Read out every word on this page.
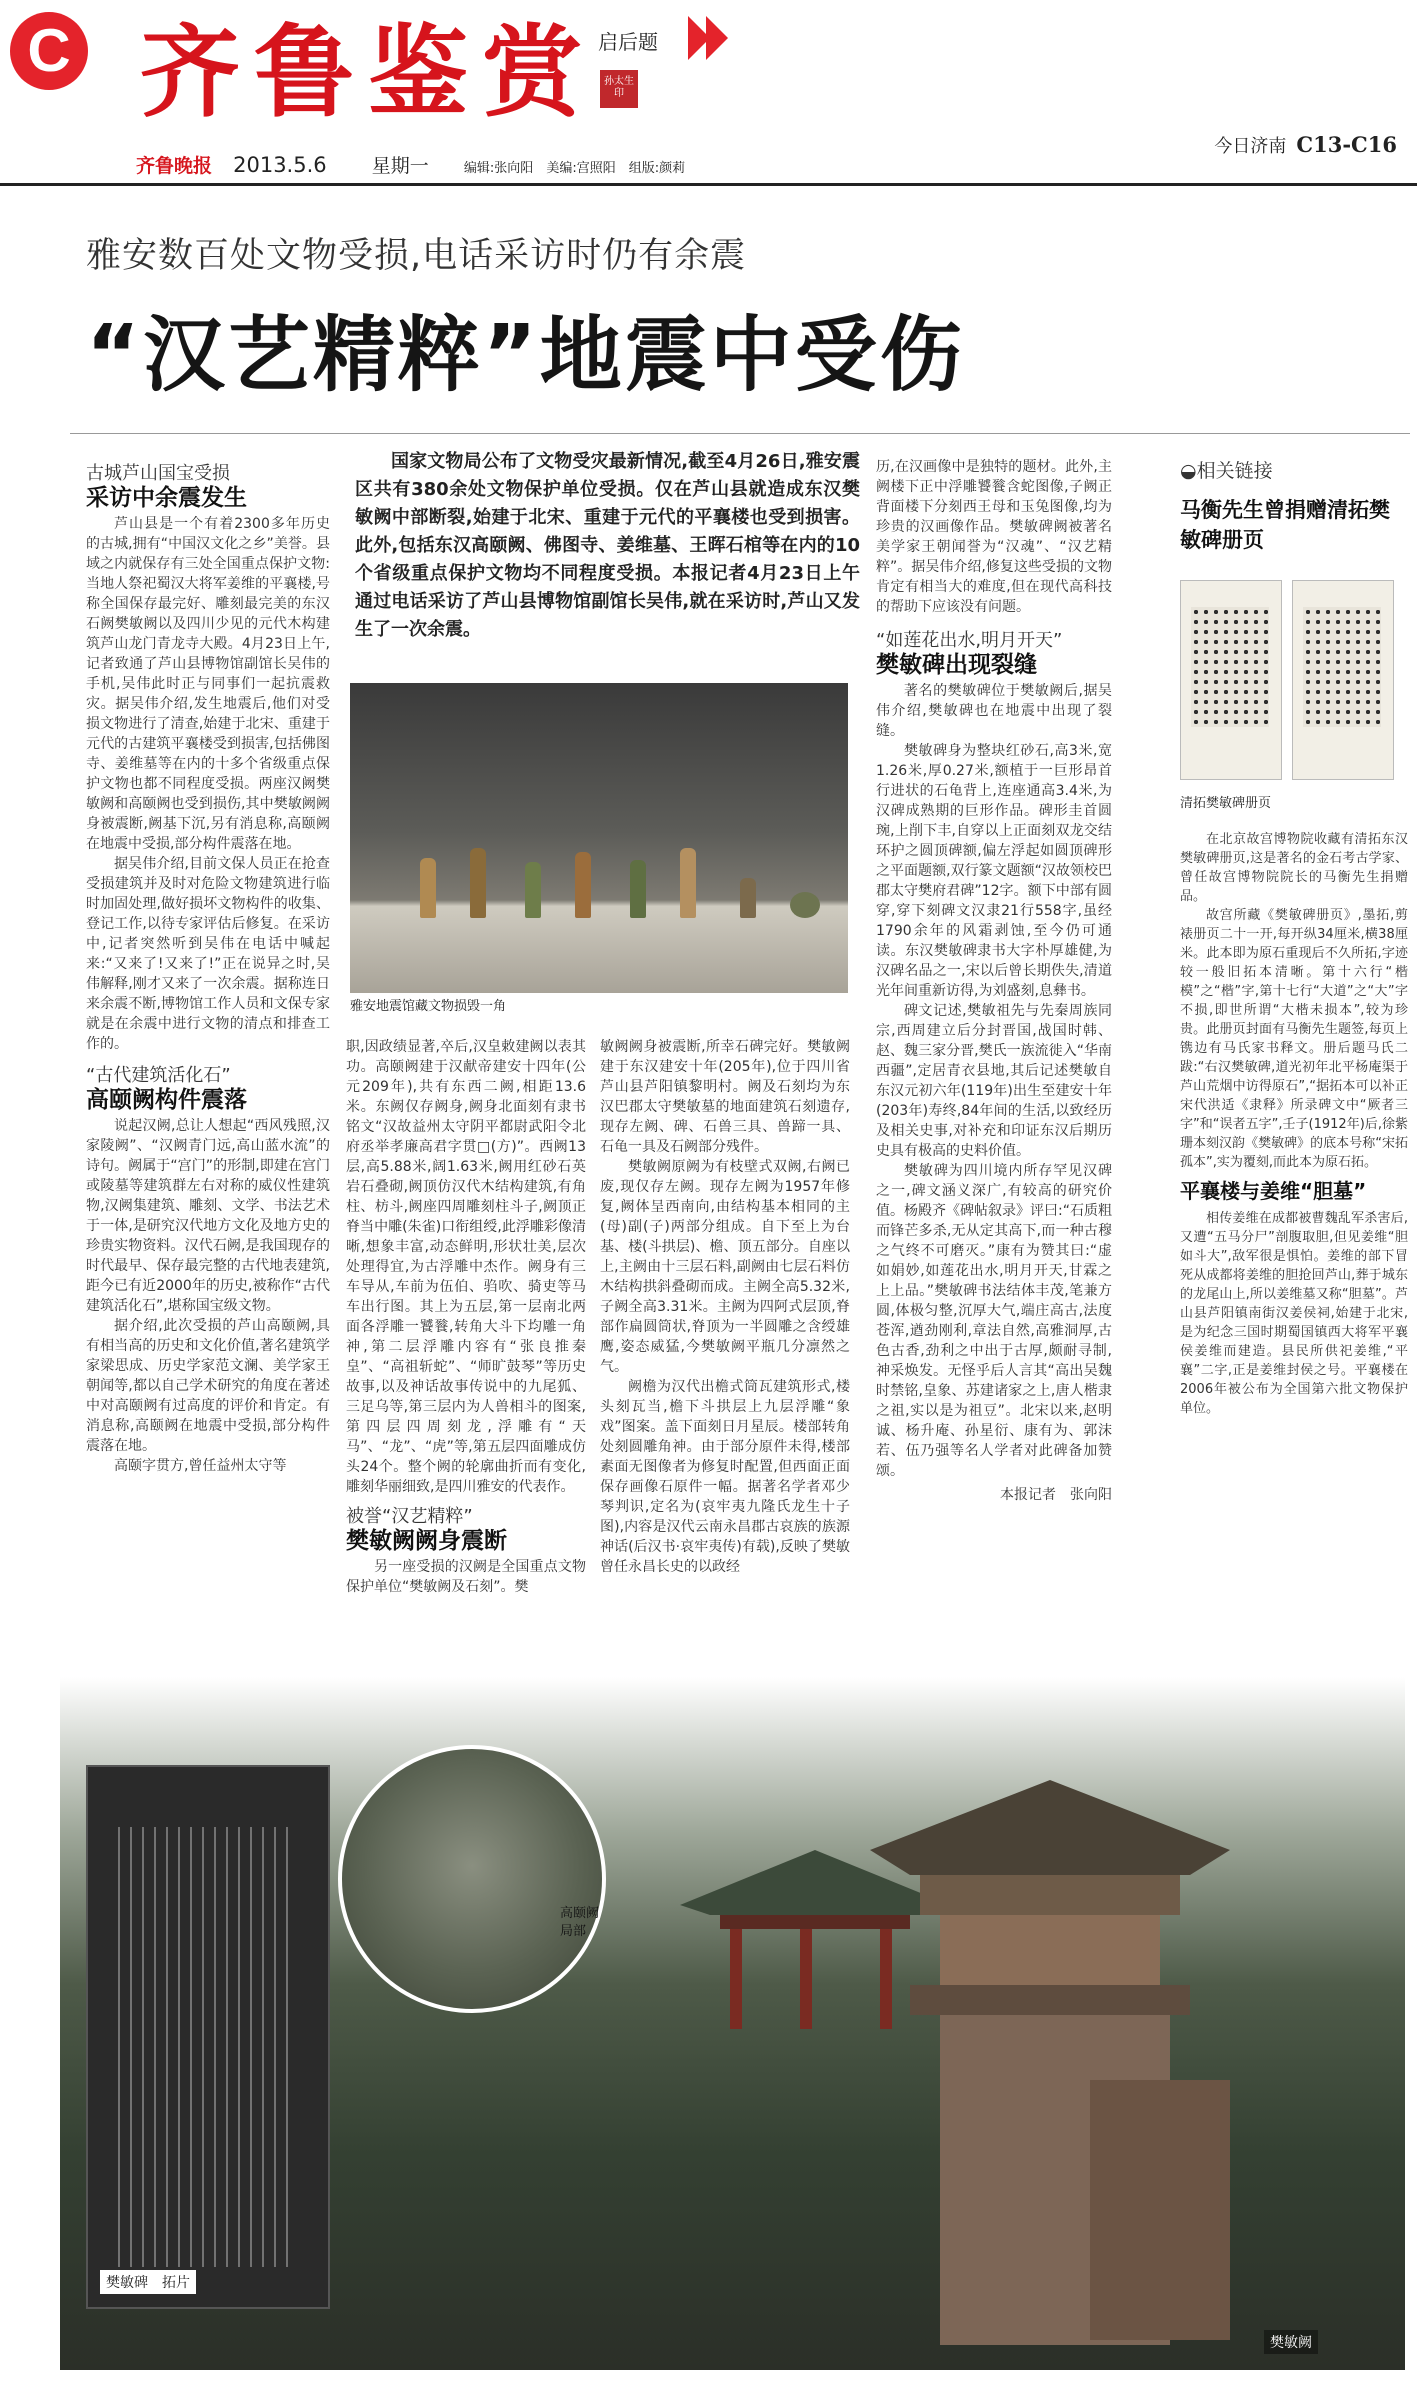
C 齐鲁鉴赏 启后题
孙太生印
齐鲁晚报 2013.5.6 星期一	编辑:张向阳 美编:宫照阳 组版:颜莉
今日济南 C13-C16
雅安数百处文物受损,电话采访时仍有余震
“汉艺精粹”地震中受伤
古城芦山国宝受损
采访中余震发生

芦山县是一个有着2300多年历史的古城,拥有“中国汉文化之乡”美誉。县域之内就保存有三处全国重点保护文物:当地人祭祀蜀汉大将军姜维的平襄楼,号称全国保存最完好、雕刻最完美的东汉石阙樊敏阙以及四川少见的元代木构建筑芦山龙门青龙寺大殿。4月23日上午,记者致通了芦山县博物馆副馆长吴伟的手机,吴伟此时正与同事们一起抗震救灾。据吴伟介绍,发生地震后,他们对受损文物进行了清查,始建于北宋、重建于元代的古建筑平襄楼受到损害,包括佛图寺、姜维墓等在内的十多个省级重点保护文物也都不同程度受损。两座汉阙樊敏阙和高颐阙也受到损伤,其中樊敏阙阙身被震断,阙基下沉,另有消息称,高颐阙在地震中受损,部分构件震落在地。

据吴伟介绍,目前文保人员正在抢查受损建筑并及时对危险文物建筑进行临时加固处理,做好损坏文物构件的收集、登记工作,以待专家评估后修复。在采访中,记者突然听到吴伟在电话中喊起来:“又来了!又来了!”正在说异之时,吴伟解释,刚才又来了一次余震。据称连日来余震不断,博物馆工作人员和文保专家就是在余震中进行文物的清点和排查工作的。

“古代建筑活化石”
高颐阙构件震落

说起汉阙,总让人想起“西风残照,汉家陵阙”、“汉阙青门远,高山蓝水流”的诗句。阙属于“宫门”的形制,即建在宫门或陵墓等建筑群左右对称的威仪性建筑物,汉阙集建筑、雕刻、文学、书法艺术于一体,是研究汉代地方文化及地方史的珍贵实物资料。汉代石阙,是我国现存的时代最早、保存最完整的古代地表建筑,距今已有近2000年的历史,被称作“古代建筑活化石”,堪称国宝级文物。

据介绍,此次受损的芦山高颐阙,具有相当高的历史和文化价值,著名建筑学家梁思成、历史学家范文澜、美学家王朝闻等,都以自己学术研究的角度在著述中对高颐阙有过高度的评价和肯定。有消息称,高颐阙在地震中受损,部分构件震落在地。

高颐字贯方,曾任益州太守等

国家文物局公布了文物受灾最新情况,截至4月26日,雅安震区共有380余处文物保护单位受损。仅在芦山县就造成东汉樊敏阙中部断裂,始建于北宋、重建于元代的平襄楼也受到损害。此外,包括东汉高颐阙、佛图寺、姜维墓、王晖石棺等在内的10个省级重点保护文物均不同程度受损。本报记者4月23日上午通过电话采访了芦山县博物馆副馆长吴伟,就在采访时,芦山又发生了一次余震。

雅安地震馆藏文物损毁一角

职,因政绩显著,卒后,汉皇敕建阙以表其功。高颐阙建于汉献帝建安十四年(公元209年),共有东西二阙,相距13.6米。东阙仅存阙身,阙身北面刻有隶书铭文“汉故益州太守阴平都尉武阳令北府丞举孝廉高君字贯□(方)”。西阙13层,高5.88米,阔1.63米,阙用红砂石英岩石叠砌,阙顶仿汉代木结构建筑,有角柱、枋斗,阙座四周雕刻柱斗子,阙顶正脊当中雕(朱雀)口衔组绶,此浮雕彩像清晰,想象丰富,动态鲜明,形状壮美,层次处理得宜,为古浮雕中杰作。阙身有三车导从,车前为伍伯、驺吹、骑吏等马车出行图。其上为五层,第一层南北两面各浮雕一饕餮,转角大斗下均雕一角神,第二层浮雕内容有“张良推秦皇”、“高祖斩蛇”、“师旷鼓琴”等历史故事,以及神话故事传说中的九尾狐、三足乌等,第三层内为人兽相斗的图案,第四层四周刻龙,浮雕有“天马”、“龙”、“虎”等,第五层四面雕成仿头24个。整个阙的轮廓曲折而有变化,雕刻华丽细致,是四川雅安的代表作。

被誉“汉艺精粹”
樊敏阙阙身震断

另一座受损的汉阙是全国重点文物保护单位“樊敏阙及石刻”。樊

敏阙阙身被震断,所幸石碑完好。樊敏阙建于东汉建安十年(205年),位于四川省芦山县芦阳镇黎明村。阙及石刻均为东汉巴郡太守樊敏墓的地面建筑石刻遗存,现存左阙、碑、石兽三具、兽蹄一具、石龟一具及石阙部分残件。

樊敏阙原阙为有枝壁式双阙,右阙已废,现仅存左阙。现存左阙为1957年修复,阙体呈西南向,由结构基本相同的主(母)副(子)两部分组成。自下至上为台基、楼(斗拱层)、檐、顶五部分。自座以上,主阙由十三层石料,副阙由七层石料仿木结构拱斜叠砌而成。主阙全高5.32米,子阙全高3.31米。主阙为四阿式层顶,脊部作扁圆筒状,脊顶为一半圆雕之含绶雄鹰,姿态威猛,今樊敏阙平瓶几分凛然之气。

阙檐为汉代出檐式筒瓦建筑形式,楼头刻瓦当,檐下斗拱层上九层浮雕“象戏”图案。盖下面刻日月星辰。楼部转角处刻圆雕角神。由于部分原件未得,楼部素面无图像者为修复时配置,但西面正面保存画像石原件一幅。据著名学者邓少琴判识,定名为(哀牢夷九隆氏龙生十子图),内容是汉代云南永昌郡古哀族的族源神话(后汉书·哀牢夷传)有载),反映了樊敏曾任永昌长史的以政经

历,在汉画像中是独特的题材。此外,主阙楼下正中浮雕饕餮含蛇图像,子阙正背面楼下分刻西王母和玉兔图像,均为珍贵的汉画像作品。樊敏碑阙被著名美学家王朝闻誉为“汉魂”、“汉艺精粹”。据吴伟介绍,修复这些受损的文物肯定有相当大的难度,但在现代高科技的帮助下应该没有问题。

“如莲花出水,明月开天”
樊敏碑出现裂缝

著名的樊敏碑位于樊敏阙后,据吴伟介绍,樊敏碑也在地震中出现了裂缝。

樊敏碑身为整块红砂石,高3米,宽1.26米,厚0.27米,额植于一巨形昂首行进状的石龟背上,连座通高3.4米,为汉碑成熟期的巨形作品。碑形圭首圆琬,上削下丰,自穿以上正面刻双龙交结环护之圆顶碑额,偏左浮起如圆顶碑形之平面题额,双行篆文题额“汉故领校巴郡太守樊府君碑”12字。额下中部有圆穿,穿下刻碑文汉隶21行558字,虽经1790余年的风霜剥蚀,至今仍可通读。东汉樊敏碑隶书大字朴厚雄健,为汉碑名品之一,宋以后曾长期佚失,清道光年间重新访得,为刘盛刻,息彝书。

碑文记述,樊敏祖先与先秦周族同宗,西周建立后分封晋国,战国时韩、赵、魏三家分晋,樊氏一族流徙入“华南西疆”,定居青衣县地,其后记述樊敏自东汉元初六年(119年)出生至建安十年(203年)寿终,84年间的生活,以致经历及相关史事,对补充和印证东汉后期历史具有极高的史料价值。

樊敏碑为四川境内所存罕见汉碑之一,碑文涵义深广,有较高的研究价值。杨殿齐《碑帖叙录》评曰:“石质粗而锋芒多杀,无从定其高下,而一种古穆之气终不可磨灭。”康有为赞其曰:“虚如娟妙,如莲花出水,明月开天,甘霖之上上品。”樊敏碑书法结体丰茂,笔兼方圆,体极匀整,沉厚大气,端庄高古,法度苍浑,遒劲刚利,章法自然,高雅洞厚,古色古香,劲利之中出于古厚,颇耐寻制,神采焕发。无怪乎后人言其“高出吴魏时禁铭,皇象、苏建诸家之上,唐人楷隶之祖,实以是为祖豆”。北宋以来,赵明诚、杨升庵、孙星衍、康有为、郭沫若、伍乃强等名人学者对此碑备加赞颂。

本报记者　张向阳
◒相关链接
马衡先生曾捐赠清拓樊敏碑册页
清拓樊敏碑册页

在北京故宫博物院收藏有清拓东汉樊敏碑册页,这是著名的金石考古学家、曾任故宫博物院院长的马衡先生捐赠品。

故宫所藏《樊敏碑册页》,墨拓,剪裱册页二十一开,每开纵34厘米,横38厘米。此本即为原石重现后不久所拓,字迹较一般旧拓本清晰。第十六行“楷模”之“楷”字,第十七行“大道”之“大”字不损,即世所谓“大楷未损本”,较为珍贵。此册页封面有马衡先生题签,每页上镌边有马氏家书释文。册后题马氏二跋:“右汉樊敏碑,道光初年北平杨庵渠于芦山荒烟中访得原石”,“据拓本可以补正宋代洪适《隶释》所录碑文中“厥者三字”和“误者五字”,壬子(1912年)后,徐紫珊本刻汉韵《樊敏碑》的底本号称“宋拓孤本”,实为覆刻,而此本为原石拓。

平襄楼与姜维“胆墓”

相传姜维在成都被曹魏乱军杀害后,又遭“五马分尸”剖腹取胆,但见姜维“胆如斗大”,敌军很是惧怕。姜维的部下冒死从成都将姜维的胆抢回芦山,葬于城东的龙尾山上,所以姜维墓又称“胆墓”。芦山县芦阳镇南街汉姜侯祠,始建于北宋,是为纪念三国时期蜀国镇西大将军平襄侯姜维而建造。县民所供祀姜维,“平襄”二字,正是姜维封侯之号。平襄楼在2006年被公布为全国第六批文物保护单位。

樊敏碑　拓片
高颐阙局部
樊敏阙
